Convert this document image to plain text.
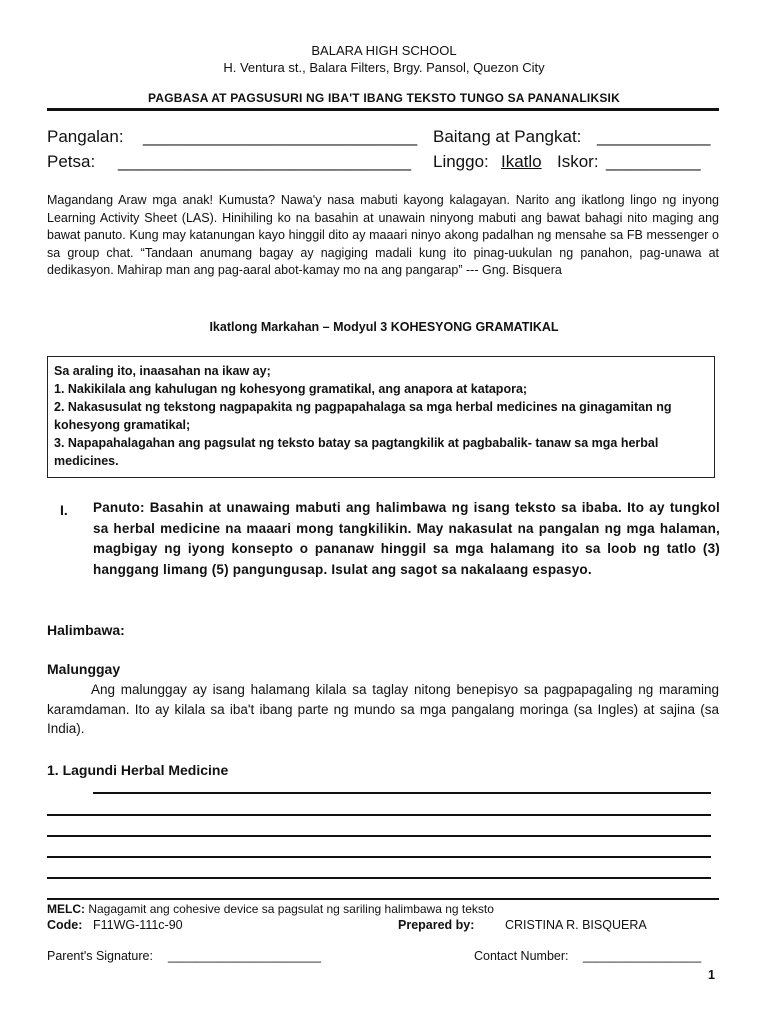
BALARA HIGH SCHOOL
H. Ventura st., Balara Filters, Brgy. Pansol, Quezon City
PAGBASA AT PAGSUSURI NG IBA'T IBANG TEKSTO TUNGO SA PANANALIKSIK
Pangalan: _____________________________ Baitang at Pangkat: ____________
Petsa: _______________________________ Linggo: Ikatlo Iskor: __________
Magandang Araw mga anak! Kumusta? Nawa'y nasa mabuti kayong kalagayan. Narito ang ikatlong lingo ng inyong Learning Activity Sheet (LAS). Hinihiling ko na basahin at unawain ninyong mabuti ang bawat bahagi nito maging ang bawat panuto. Kung may katanungan kayo hinggil dito ay maaari ninyo akong padalhan ng mensahe sa FB messenger o sa group chat. “Tandaan anumang bagay ay nagiging madali kung ito pinag-uukulan ng panahon, pag-unawa at dedikasyon. Mahirap man ang pag-aaral abot-kamay mo na ang pangarap” --- Gng. Bisquera
Ikatlong Markahan – Modyul 3 KOHESYONG GRAMATIKAL
Sa araling ito, inaasahan na ikaw ay;
1. Nakikilala ang kahulugan ng kohesyong gramatikal, ang anapora at katapora;
2. Nakasusulat ng tekstong nagpapakita ng pagpapahalaga sa mga herbal medicines na ginagamitan ng kohesyong gramatikal;
3. Napapahalagahan ang pagsulat ng teksto batay sa pagtangkilik at pagbabalik- tanaw sa mga herbal medicines.
I. Panuto: Basahin at unawaing mabuti ang halimbawa ng isang teksto sa ibaba. Ito ay tungkol sa herbal medicine na maaari mong tangkilikin. May nakasulat na pangalan ng mga halaman, magbigay ng iyong konsepto o pananaw hinggil sa mga halamang ito sa loob ng tatlo (3) hanggang limang (5) pangungusap. Isulat ang sagot sa nakalaang espasyo.
Halimbawa:
Malunggay
Ang malunggay ay isang halamang kilala sa taglay nitong benepisyo sa pagpapagaling ng maraming karamdaman. Ito ay kilala sa iba't ibang parte ng mundo sa mga pangalang moringa (sa Ingles) at sajina (sa India).
1. Lagundi Herbal Medicine
MELC: Nagagamit ang cohesive device sa pagsulat ng sariling halimbawa ng teksto
Code: F11WG-111c-90	Prepared by: CRISTINA R. BISQUERA
Parent's Signature: ______________________	Contact Number: _________________
1
